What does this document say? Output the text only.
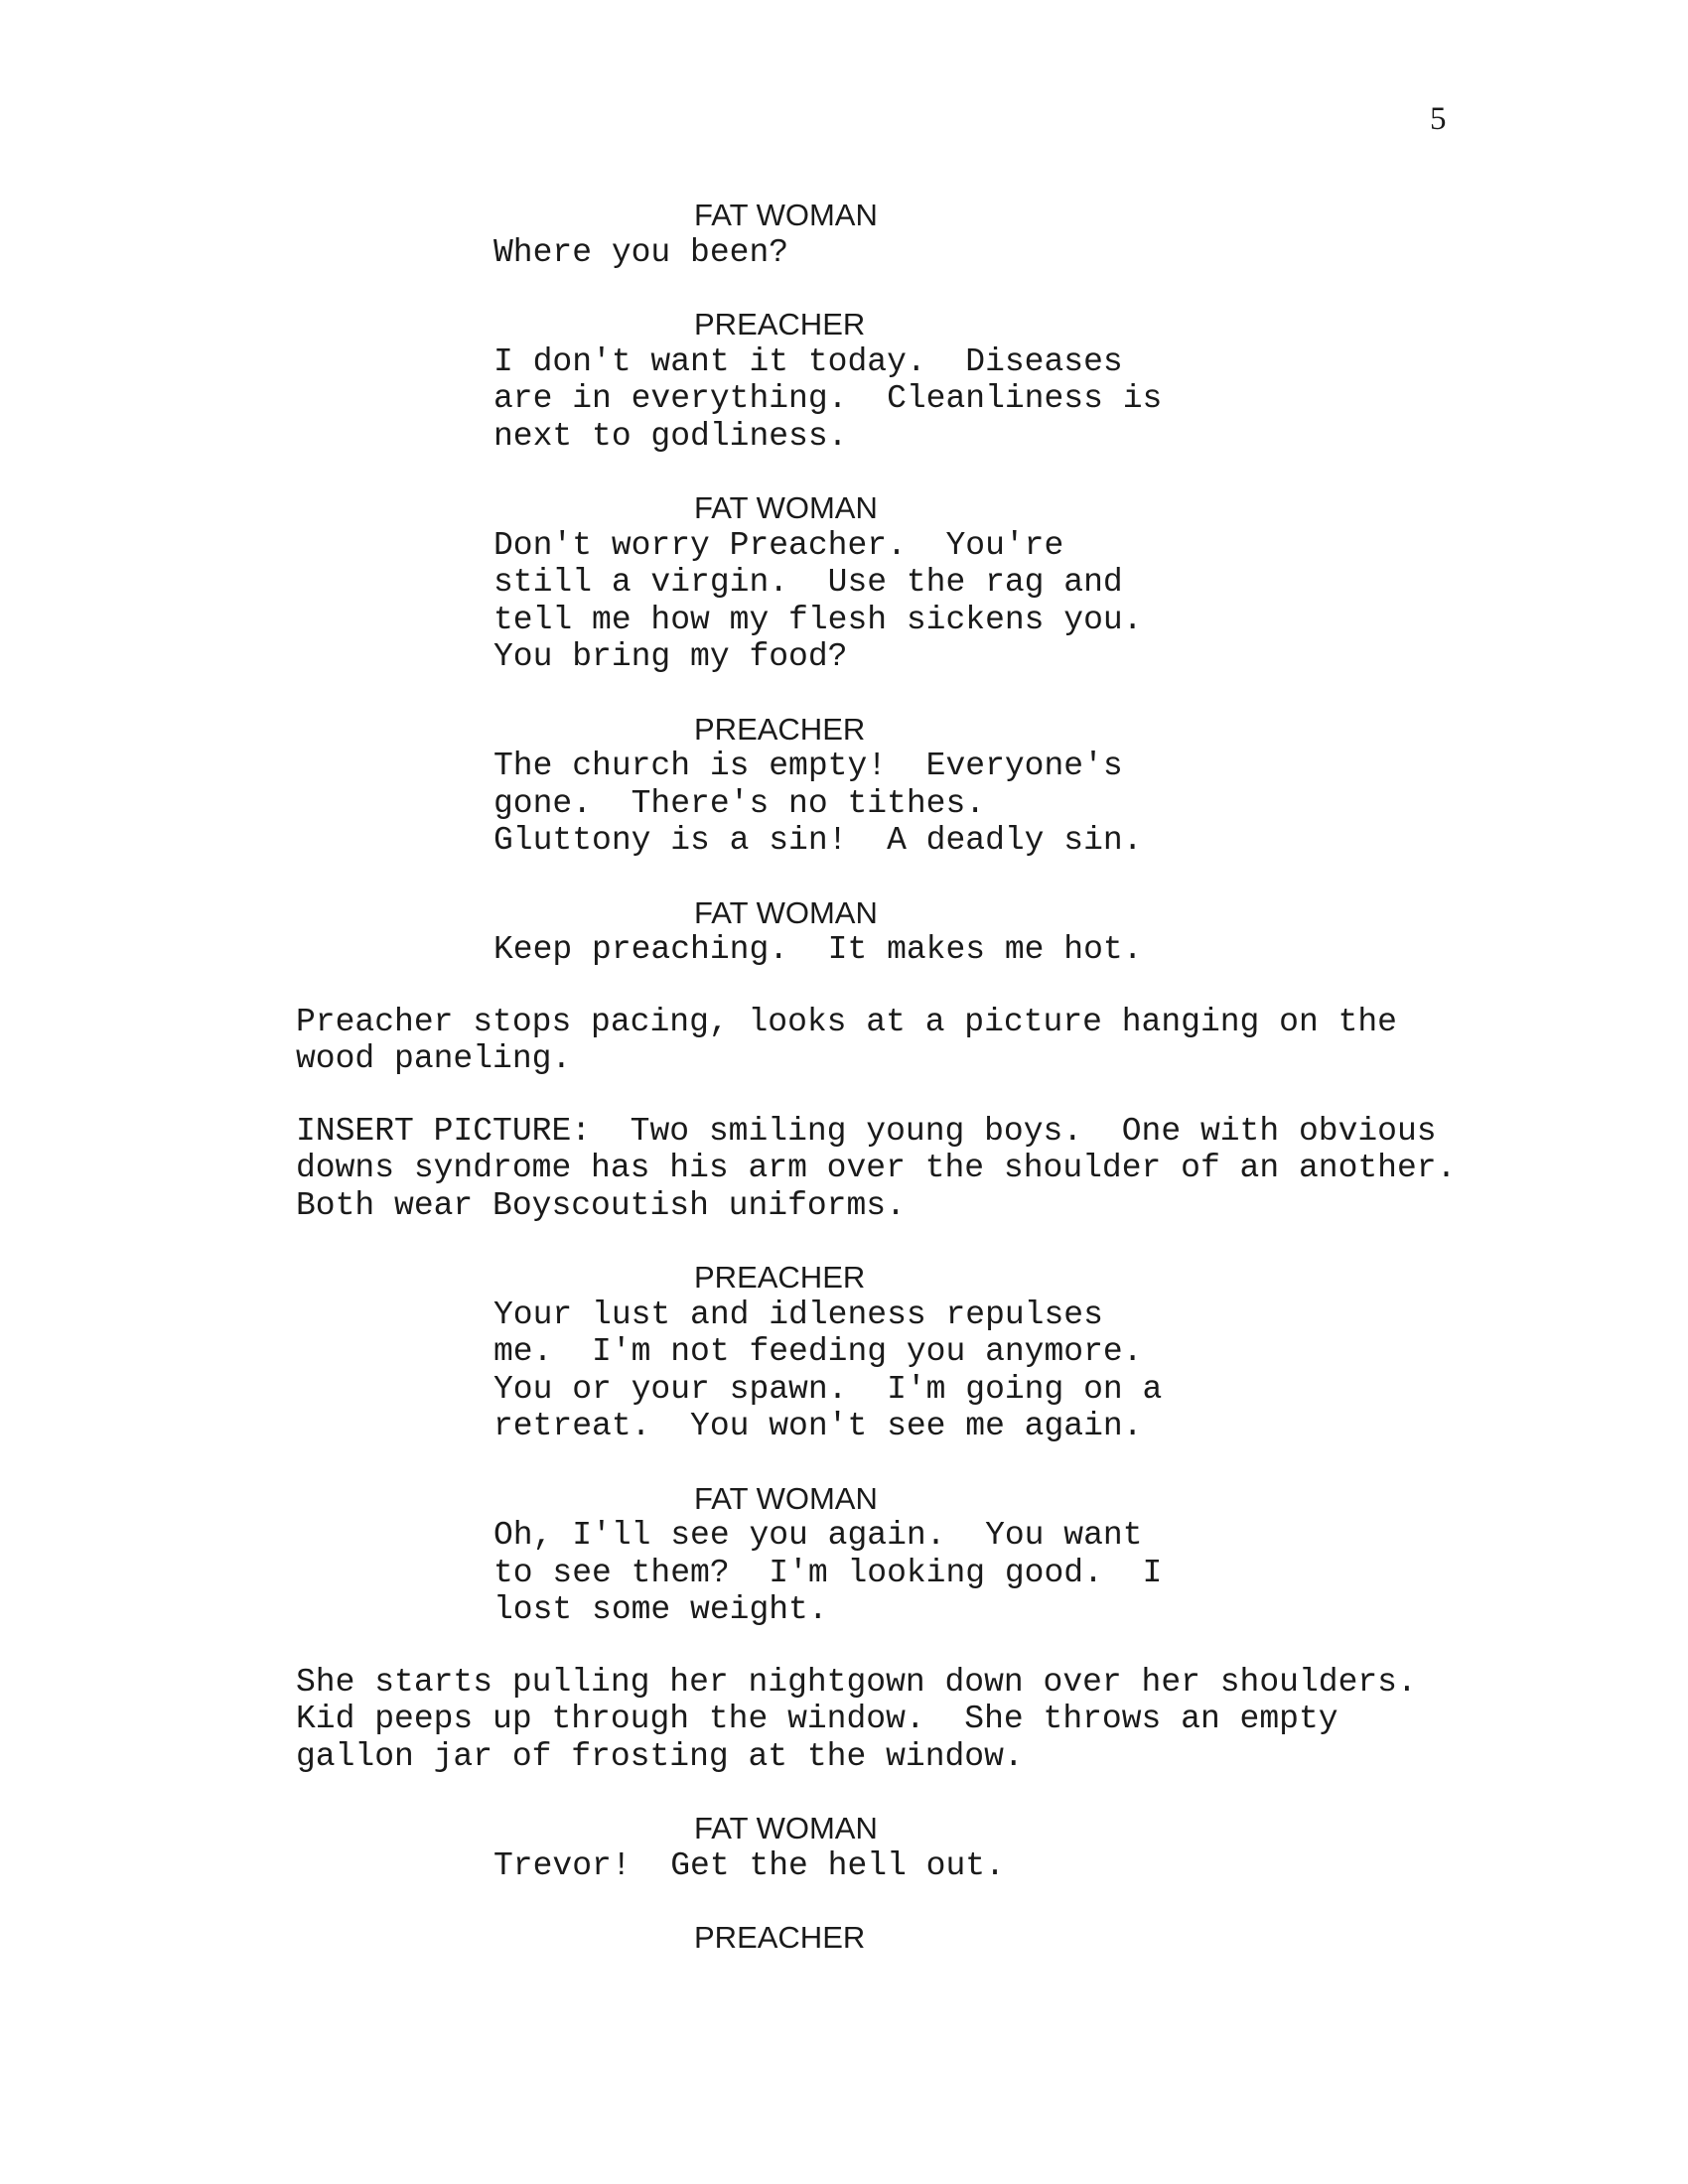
5
FAT WOMAN
Where you been?
PREACHER
I don't want it today.  Diseases
are in everything.  Cleanliness is
next to godliness.
FAT WOMAN
Don't worry Preacher.  You're
still a virgin.  Use the rag and
tell me how my flesh sickens you.
You bring my food?
PREACHER
The church is empty!  Everyone's
gone.  There's no tithes.
Gluttony is a sin!  A deadly sin.
FAT WOMAN
Keep preaching.  It makes me hot.
Preacher stops pacing, looks at a picture hanging on the
wood paneling.
INSERT PICTURE:  Two smiling young boys.  One with obvious
downs syndrome has his arm over the shoulder of an another.
Both wear Boyscoutish uniforms.
PREACHER
Your lust and idleness repulses
me.  I'm not feeding you anymore.
You or your spawn.  I'm going on a
retreat.  You won't see me again.
FAT WOMAN
Oh, I'll see you again.  You want
to see them?  I'm looking good.  I
lost some weight.
She starts pulling her nightgown down over her shoulders.
Kid peeps up through the window.  She throws an empty
gallon jar of frosting at the window.
FAT WOMAN
Trevor!  Get the hell out.
PREACHER
